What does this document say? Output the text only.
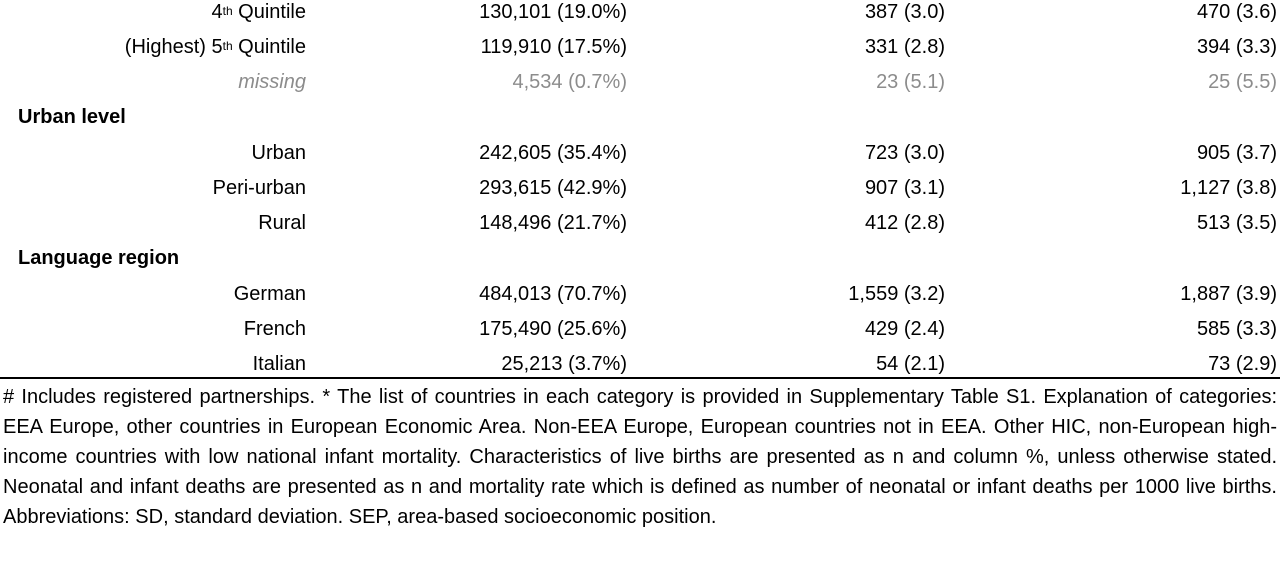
4th Quintile	130,101 (19.0%)	387 (3.0)	470 (3.6)
(Highest) 5th Quintile	119,910 (17.5%)	331 (2.8)	394 (3.3)
missing	4,534 (0.7%)	23 (5.1)	25 (5.5)
Urban level
Urban	242,605 (35.4%)	723 (3.0)	905 (3.7)
Peri-urban	293,615 (42.9%)	907 (3.1)	1,127 (3.8)
Rural	148,496 (21.7%)	412 (2.8)	513 (3.5)
Language region
German	484,013 (70.7%)	1,559 (3.2)	1,887 (3.9)
French	175,490 (25.6%)	429 (2.4)	585 (3.3)
Italian	25,213 (3.7%)	54 (2.1)	73 (2.9)

# Includes registered partnerships. * The list of countries in each category is provided in Supplementary Table S1. Explanation of categories: EEA Europe, other countries in European Economic Area. Non-EEA Europe, European countries not in EEA. Other HIC, non-European high-income countries with low national infant mortality. Characteristics of live births are presented as n and column %, unless otherwise stated. Neonatal and infant deaths are presented as n and mortality rate which is defined as number of neonatal or infant deaths per 1000 live births. Abbreviations: SD, standard deviation. SEP, area-based socioeconomic position.
